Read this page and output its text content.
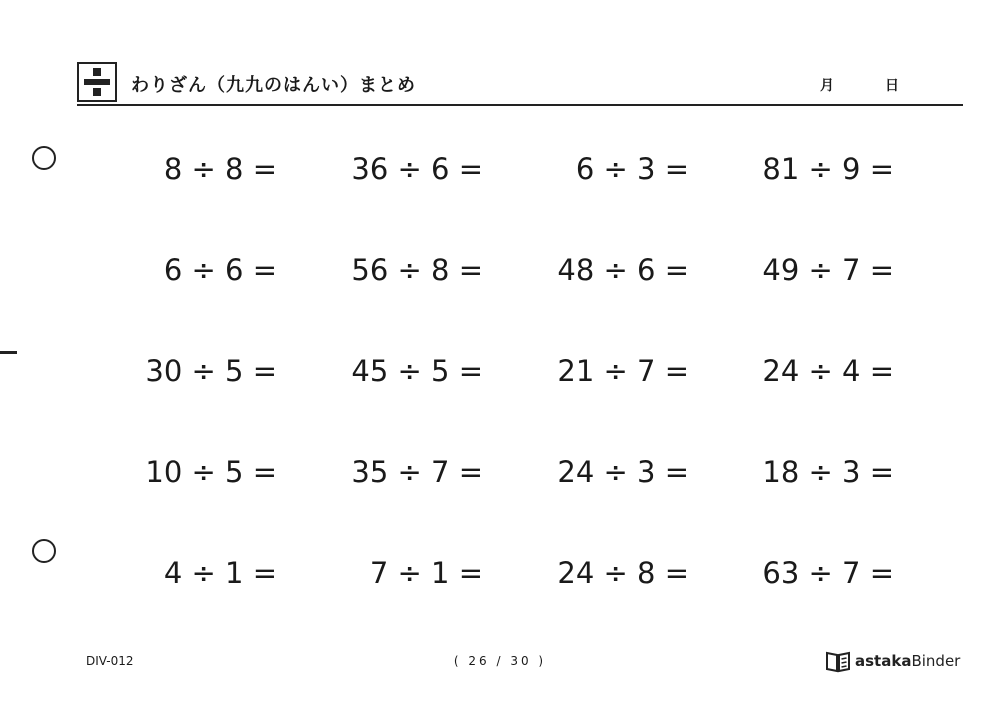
わりざん（九九のはんい）まとめ	月	日
8 ÷ 8 =	36 ÷ 6 =	6 ÷ 3 =	81 ÷ 9 =
6 ÷ 6 =	56 ÷ 8 =	48 ÷ 6 =	49 ÷ 7 =
30 ÷ 5 =	45 ÷ 5 =	21 ÷ 7 =	24 ÷ 4 =
10 ÷ 5 =	35 ÷ 7 =	24 ÷ 3 =	18 ÷ 3 =
4 ÷ 1 =	7 ÷ 1 =	24 ÷ 8 =	63 ÷ 7 =
DIV-012	( 26 / 30 )	astaka Binder
